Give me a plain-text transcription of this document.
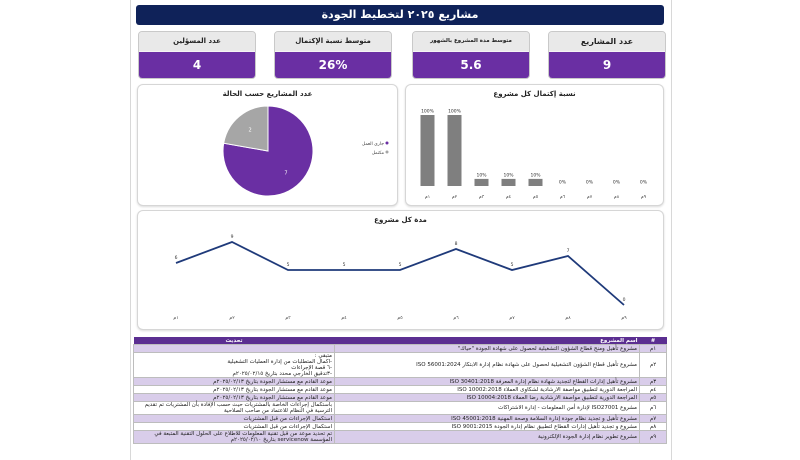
مشاريع ٢٠٢٥ لتخطيط الجودة
عدد المسؤلين
4
متوسط نسبة الإكتمال
26%
متوسط مدة المشروع بالشهور
5.6
عدد المشاريع
9
عدد المشاريع حسب الحالة
7
2
جاري العمل
مكتمل
نسبة إكتمال كل مشروع
100%
١م
100%
٢م
10%
٣م
10%
٤م
10%
٥م
0%
٦م
0%
٧م
0%
٨م
0%
٩م
مدة كل مشروع
6
١م
9
٢م
5
٣م
5
٤م
5
٥م
8
٦م
5
٧م
7
٨م
0
٩م
#	اسم المشروع	تحديث
١م	مشروع تأهيل ومنح قطاع الشؤون التشغيلية لحصول على شهادة الجودة "حياك"	
٢م	مشروع تأهيل قطاع الشؤون التشغيلية لحصول على شهادة نظام إدارة الابتكار ISO 56001:2024	متبقي :
-اكمال المتطلبات من إدارة العمليات التشغيلية
-٦ قصة الإجراءات
-٣تدقيق الخارجي محدد بتاريخ ٢٠٢٥/٠٢/١٥م
٣م	مشروع تأهيل إدارات القطاع لتجديد شهادة نظام إدارة المعرفة ISO 30401:2018	موعد القادم مع مستشار الجودة بتاريخ ٢٠٢٥/٠٢/١٣م
٤م	المراجعة الدورية لتطبيق مواصفة الارشادية لشكاوى العملاء ISO 10002:2018	موعد القادم مع مستشار الجودة بتاريخ ٢٠٢٥/٠٢/١٣م
٥م	المراجعة الدورية لتطبيق مواصفة الارشادية رضا العملاء ISO 10004:2018	موعد القادم مع مستشار الجودة بتاريخ ٢٠٢٥/٠٢/١٣م
٦م	مشروع ISO27001 لإدارة أمن المعلومات - إدارة الاشتراكات	باستكمال إجراءات الخاصة بالمشتريات حيث حسب الإفادة بأن المشتريات تم تقديم الترسية في النظام للاعتماد من صاحب الصلاحية
٧م	مشروع تأهيل و تجديد نظام جودة إدارة السلامة وصحة المهنية ISO 45001:2018	استكمال الإجراءات من قبل المشتريات
٨م	مشروع و تجديد تأهيل إدارات القطاع لتطبيق نظام إدارة الجودة ISO 9001:2015	استكمال الإجراءات من قبل المشتريات
٩م	مشروع تطوير نظام إدارة الجودة الإلكترونية	تم تحديد موعد من قبل تقنية المعلومات للاطلاع على الحلول التقنية المتبعة في المؤسسة servicenow بتاريخ ٢٠٢٥/٠٢/١٠م
